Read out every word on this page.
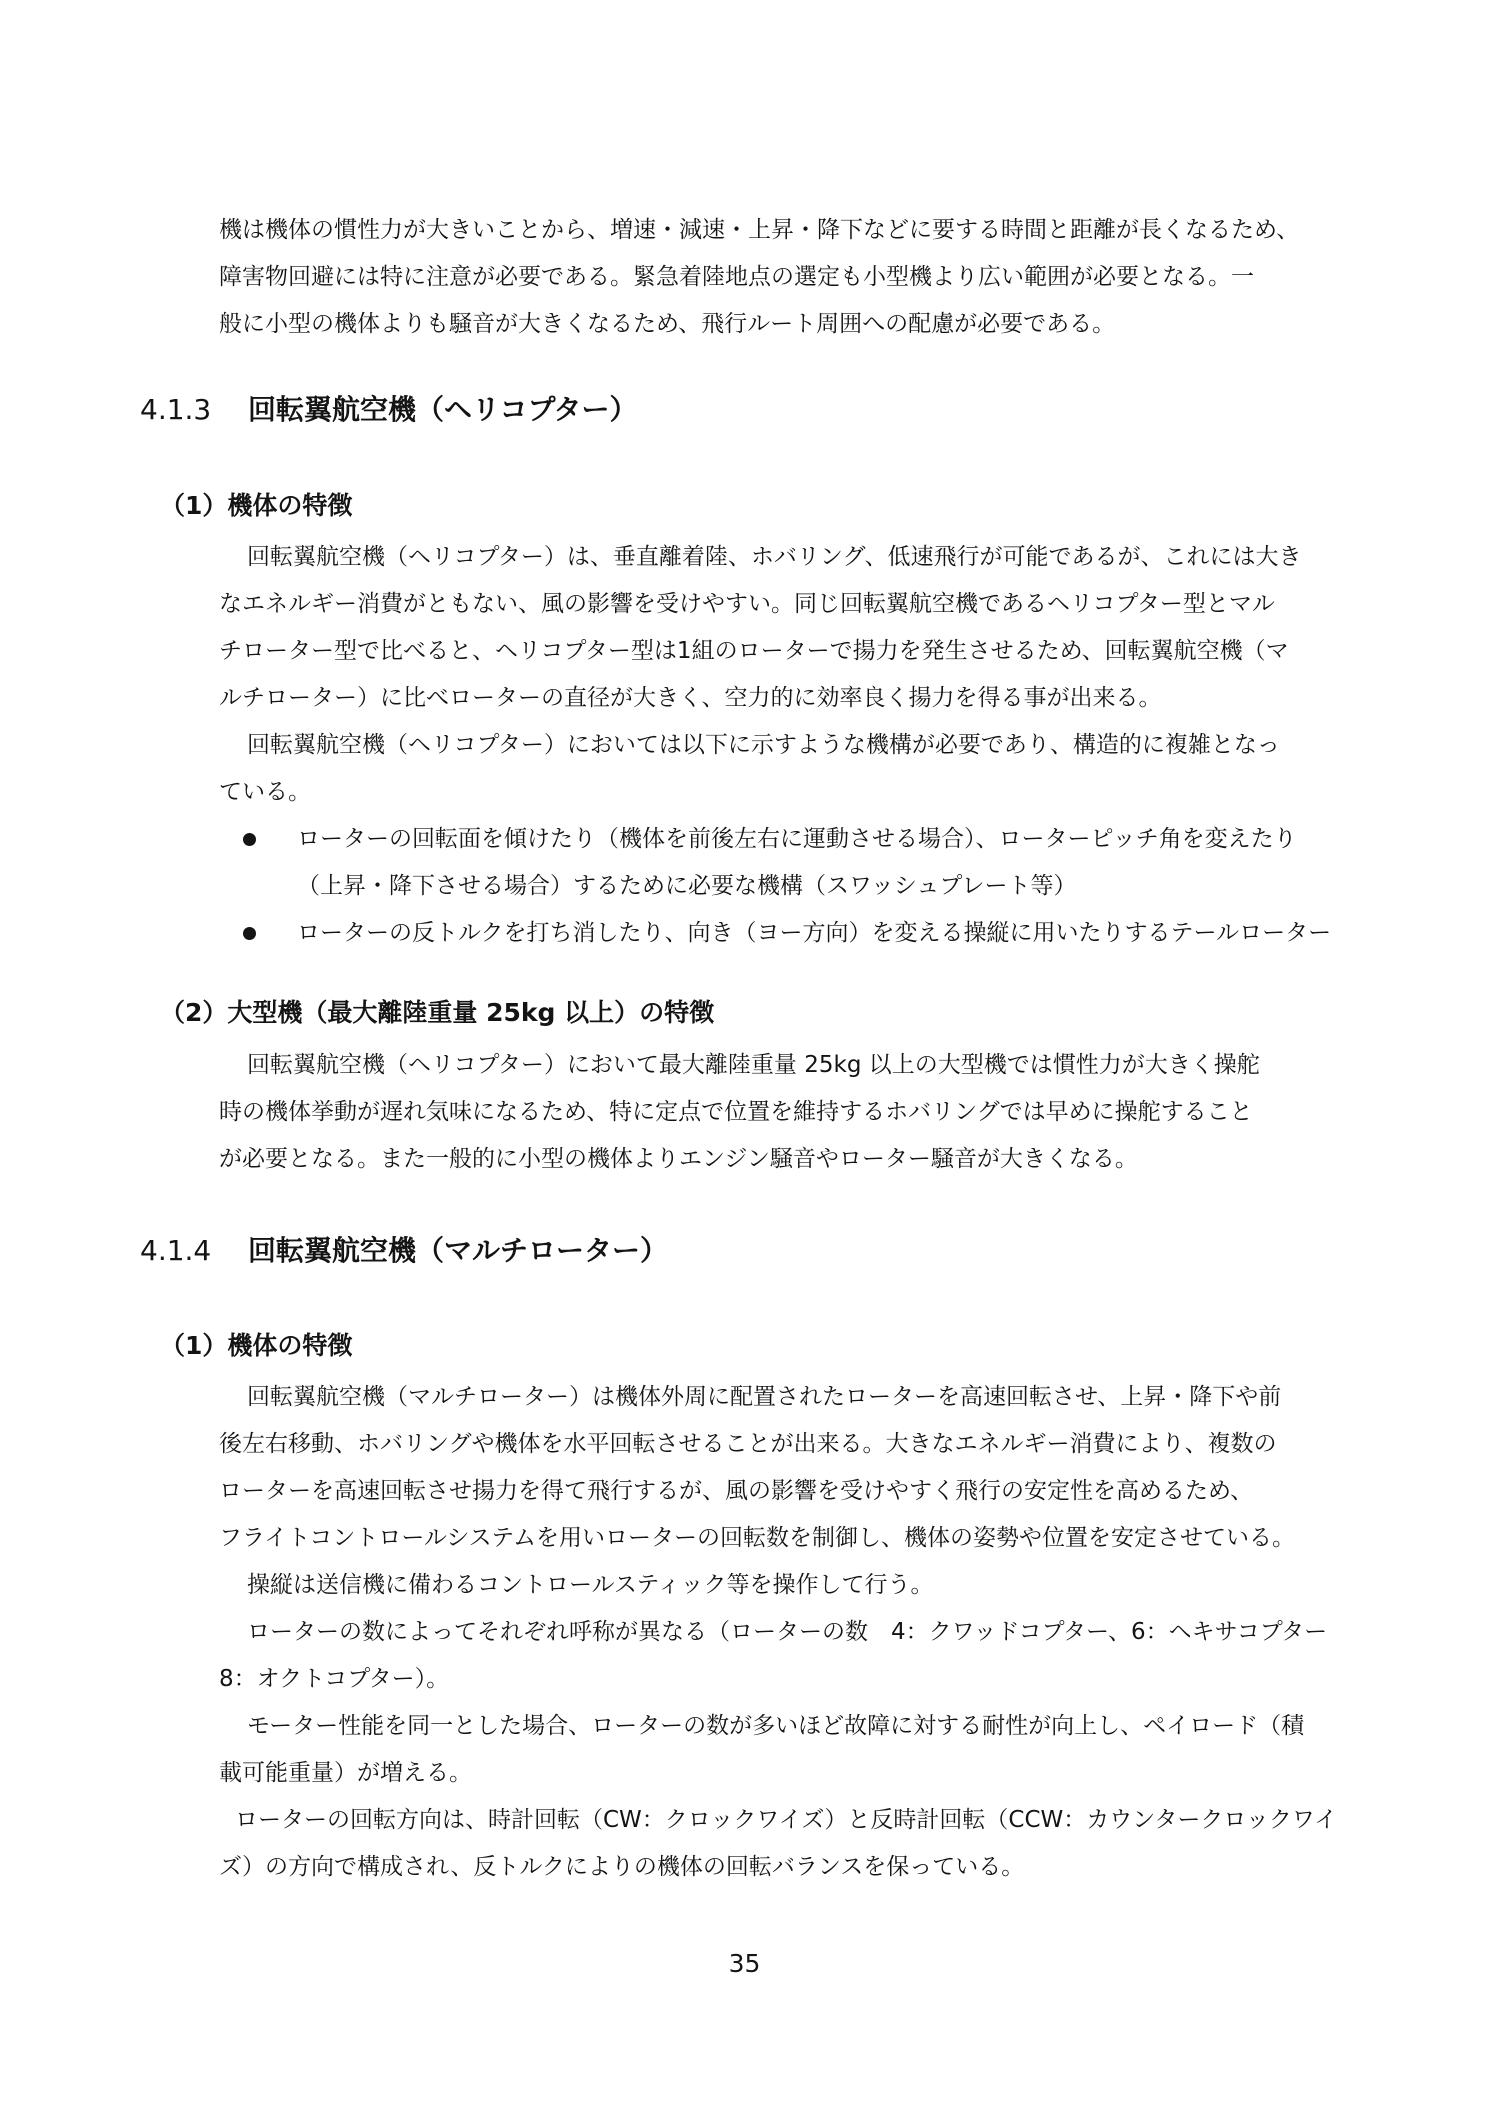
機は機体の慣性力が大きいことから、増速・減速・上昇・降下などに要する時間と距離が長くなるため、

障害物回避には特に注意が必要である。緊急着陸地点の選定も小型機より広い範囲が必要となる。一

般に小型の機体よりも騒音が大きくなるため、飛行ルート周囲への配慮が必要である。

4.1.3 回転翼航空機（ヘリコプター）
（1）機体の特徴

回転翼航空機（ヘリコプター）は、垂直離着陸、ホバリング、低速飛行が可能であるが、これには大き

なエネルギー消費がともない、風の影響を受けやすい。同じ回転翼航空機であるヘリコプター型とマル

チローター型で比べると、ヘリコプター型は1組のローターで揚力を発生させるため、回転翼航空機（マ

ルチローター）に比べローターの直径が大きく、空力的に効率良く揚力を得る事が出来る。

回転翼航空機（ヘリコプター）においては以下に示すような機構が必要であり、構造的に複雑となっ

ている。

ローターの回転面を傾けたり（機体を前後左右に運動させる場合）、ローターピッチ角を変えたり

（上昇・降下させる場合）するために必要な機構（スワッシュプレート等）

ローターの反トルクを打ち消したり、向き（ヨー方向）を変える操縦に用いたりするテールローター

（2）大型機（最大離陸重量 25kg 以上）の特徴

回転翼航空機（ヘリコプター）において最大離陸重量 25kg 以上の大型機では慣性力が大きく操舵

時の機体挙動が遅れ気味になるため、特に定点で位置を維持するホバリングでは早めに操舵すること

が必要となる。また一般的に小型の機体よりエンジン騒音やローター騒音が大きくなる。

4.1.4 回転翼航空機（マルチローター）
（1）機体の特徴

回転翼航空機（マルチローター）は機体外周に配置されたローターを高速回転させ、上昇・降下や前

後左右移動、ホバリングや機体を水平回転させることが出来る。大きなエネルギー消費により、複数の

ローターを高速回転させ揚力を得て飛行するが、風の影響を受けやすく飛行の安定性を高めるため、

フライトコントロールシステムを用いローターの回転数を制御し、機体の姿勢や位置を安定させている。

操縦は送信機に備わるコントロールスティック等を操作して行う。

ローターの数によってそれぞれ呼称が異なる（ローターの数　4：クワッドコプター、6：ヘキサコプター

8：オクトコプター）。

モーター性能を同一とした場合、ローターの数が多いほど故障に対する耐性が向上し、ペイロード（積

載可能重量）が増える。

ローターの回転方向は、時計回転（CW：クロックワイズ）と反時計回転（CCW：カウンタークロックワイ

ズ）の方向で構成され、反トルクによりの機体の回転バランスを保っている。

35
